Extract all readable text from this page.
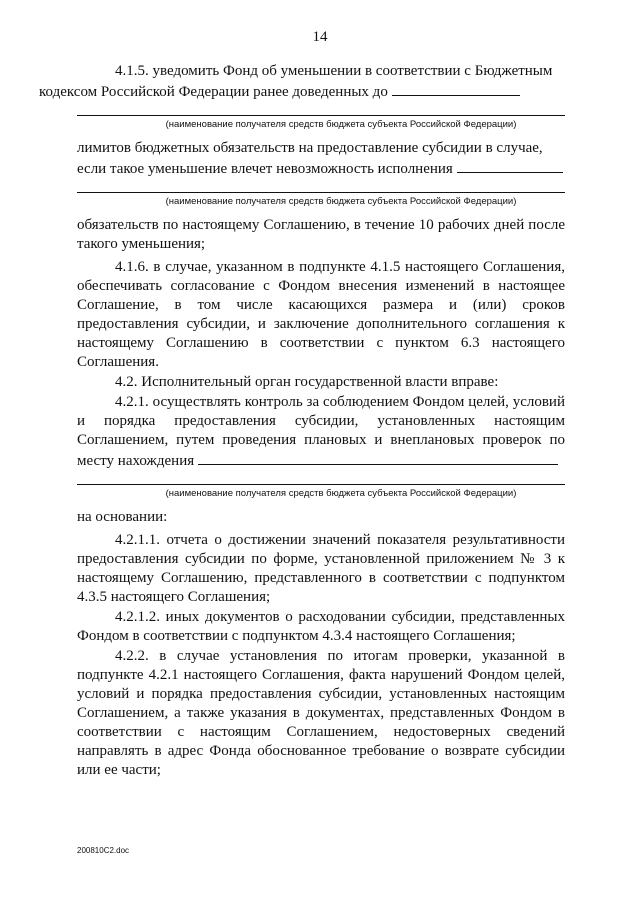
14
4.1.5. уведомить Фонд об уменьшении в соответствии с Бюджетным
кодексом Российской Федерации ранее доведенных до
(наименование получателя средств бюджета субъекта Российской Федерации)
лимитов бюджетных обязательств на предоставление субсидии в случае,
если такое уменьшение влечет невозможность исполнения
(наименование получателя средств бюджета субъекта Российской Федерации)
обязательств по настоящему Соглашению, в течение 10 рабочих дней после такого уменьшения;
4.1.6. в случае, указанном в подпункте 4.1.5 настоящего Соглашения, обеспечивать согласование с Фондом внесения изменений в настоящее Соглашение, в том числе касающихся размера и (или) сроков предоставления субсидии, и заключение дополнительного соглашения к настоящему Соглашению в соответствии с пунктом 6.3 настоящего Соглашения.
4.2. Исполнительный орган государственной власти вправе:
4.2.1. осуществлять контроль за соблюдением Фондом целей, условий и порядка предоставления субсидии, установленных настоящим Соглашением, путем проведения плановых и внеплановых проверок по месту нахождения
(наименование получателя средств бюджета субъекта Российской Федерации)
на основании:
4.2.1.1. отчета о достижении значений показателя результативности предоставления субсидии по форме, установленной приложением № 3 к настоящему Соглашению, представленного в соответствии с подпунктом 4.3.5 настоящего Соглашения;
4.2.1.2. иных документов о расходовании субсидии, представленных Фондом в соответствии с подпунктом 4.3.4 настоящего Соглашения;
4.2.2. в случае установления по итогам проверки, указанной в подпункте 4.2.1 настоящего Соглашения, факта нарушений Фондом целей, условий и порядка предоставления субсидии, установленных настоящим Соглашением, а также указания в документах, представленных Фондом в соответствии с настоящим Соглашением, недостоверных сведений направлять в адрес Фонда обоснованное требование о возврате субсидии или ее части;
200810C2.doc
